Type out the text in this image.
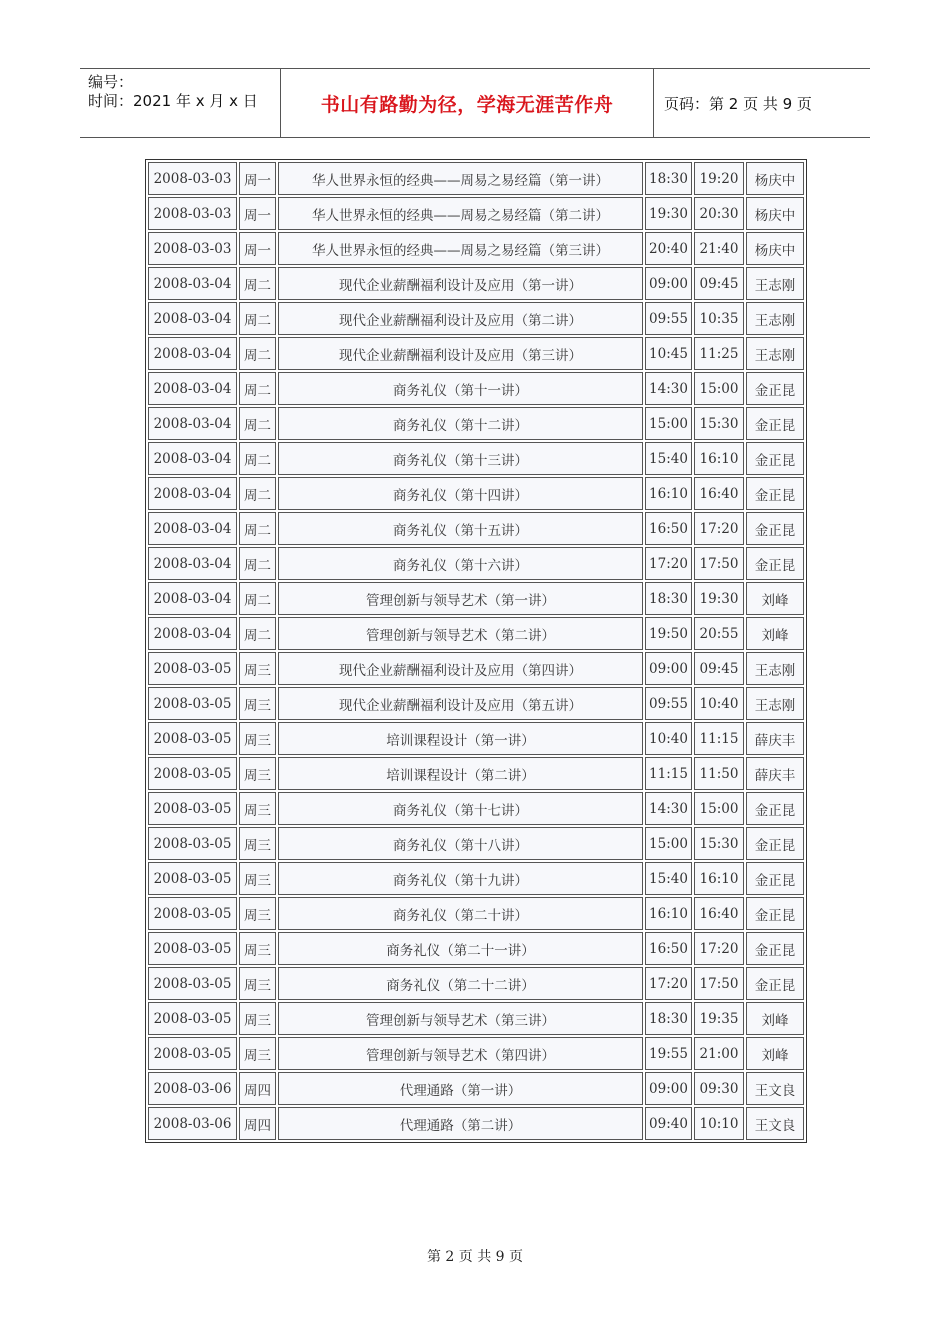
编号：
时间：2021 年 x 月 x 日	书山有路勤为径，学海无涯苦作舟	页码：第 2 页 共 9 页
2008-03-03	周一	华人世界永恒的经典——周易之易经篇（第一讲）	18:30	19:20	杨庆中
2008-03-03	周一	华人世界永恒的经典——周易之易经篇（第二讲）	19:30	20:30	杨庆中
2008-03-03	周一	华人世界永恒的经典——周易之易经篇（第三讲）	20:40	21:40	杨庆中
2008-03-04	周二	现代企业薪酬福利设计及应用（第一讲）	09:00	09:45	王志刚
2008-03-04	周二	现代企业薪酬福利设计及应用（第二讲）	09:55	10:35	王志刚
2008-03-04	周二	现代企业薪酬福利设计及应用（第三讲）	10:45	11:25	王志刚
2008-03-04	周二	商务礼仪（第十一讲）	14:30	15:00	金正昆
2008-03-04	周二	商务礼仪（第十二讲）	15:00	15:30	金正昆
2008-03-04	周二	商务礼仪（第十三讲）	15:40	16:10	金正昆
2008-03-04	周二	商务礼仪（第十四讲）	16:10	16:40	金正昆
2008-03-04	周二	商务礼仪（第十五讲）	16:50	17:20	金正昆
2008-03-04	周二	商务礼仪（第十六讲）	17:20	17:50	金正昆
2008-03-04	周二	管理创新与领导艺术（第一讲）	18:30	19:30	刘峰
2008-03-04	周二	管理创新与领导艺术（第二讲）	19:50	20:55	刘峰
2008-03-05	周三	现代企业薪酬福利设计及应用（第四讲）	09:00	09:45	王志刚
2008-03-05	周三	现代企业薪酬福利设计及应用（第五讲）	09:55	10:40	王志刚
2008-03-05	周三	培训课程设计（第一讲）	10:40	11:15	薛庆丰
2008-03-05	周三	培训课程设计（第二讲）	11:15	11:50	薛庆丰
2008-03-05	周三	商务礼仪（第十七讲）	14:30	15:00	金正昆
2008-03-05	周三	商务礼仪（第十八讲）	15:00	15:30	金正昆
2008-03-05	周三	商务礼仪（第十九讲）	15:40	16:10	金正昆
2008-03-05	周三	商务礼仪（第二十讲）	16:10	16:40	金正昆
2008-03-05	周三	商务礼仪（第二十一讲）	16:50	17:20	金正昆
2008-03-05	周三	商务礼仪（第二十二讲）	17:20	17:50	金正昆
2008-03-05	周三	管理创新与领导艺术（第三讲）	18:30	19:35	刘峰
2008-03-05	周三	管理创新与领导艺术（第四讲）	19:55	21:00	刘峰
2008-03-06	周四	代理通路（第一讲）	09:00	09:30	王文良
2008-03-06	周四	代理通路（第二讲）	09:40	10:10	王文良
第 2 页 共 9 页
